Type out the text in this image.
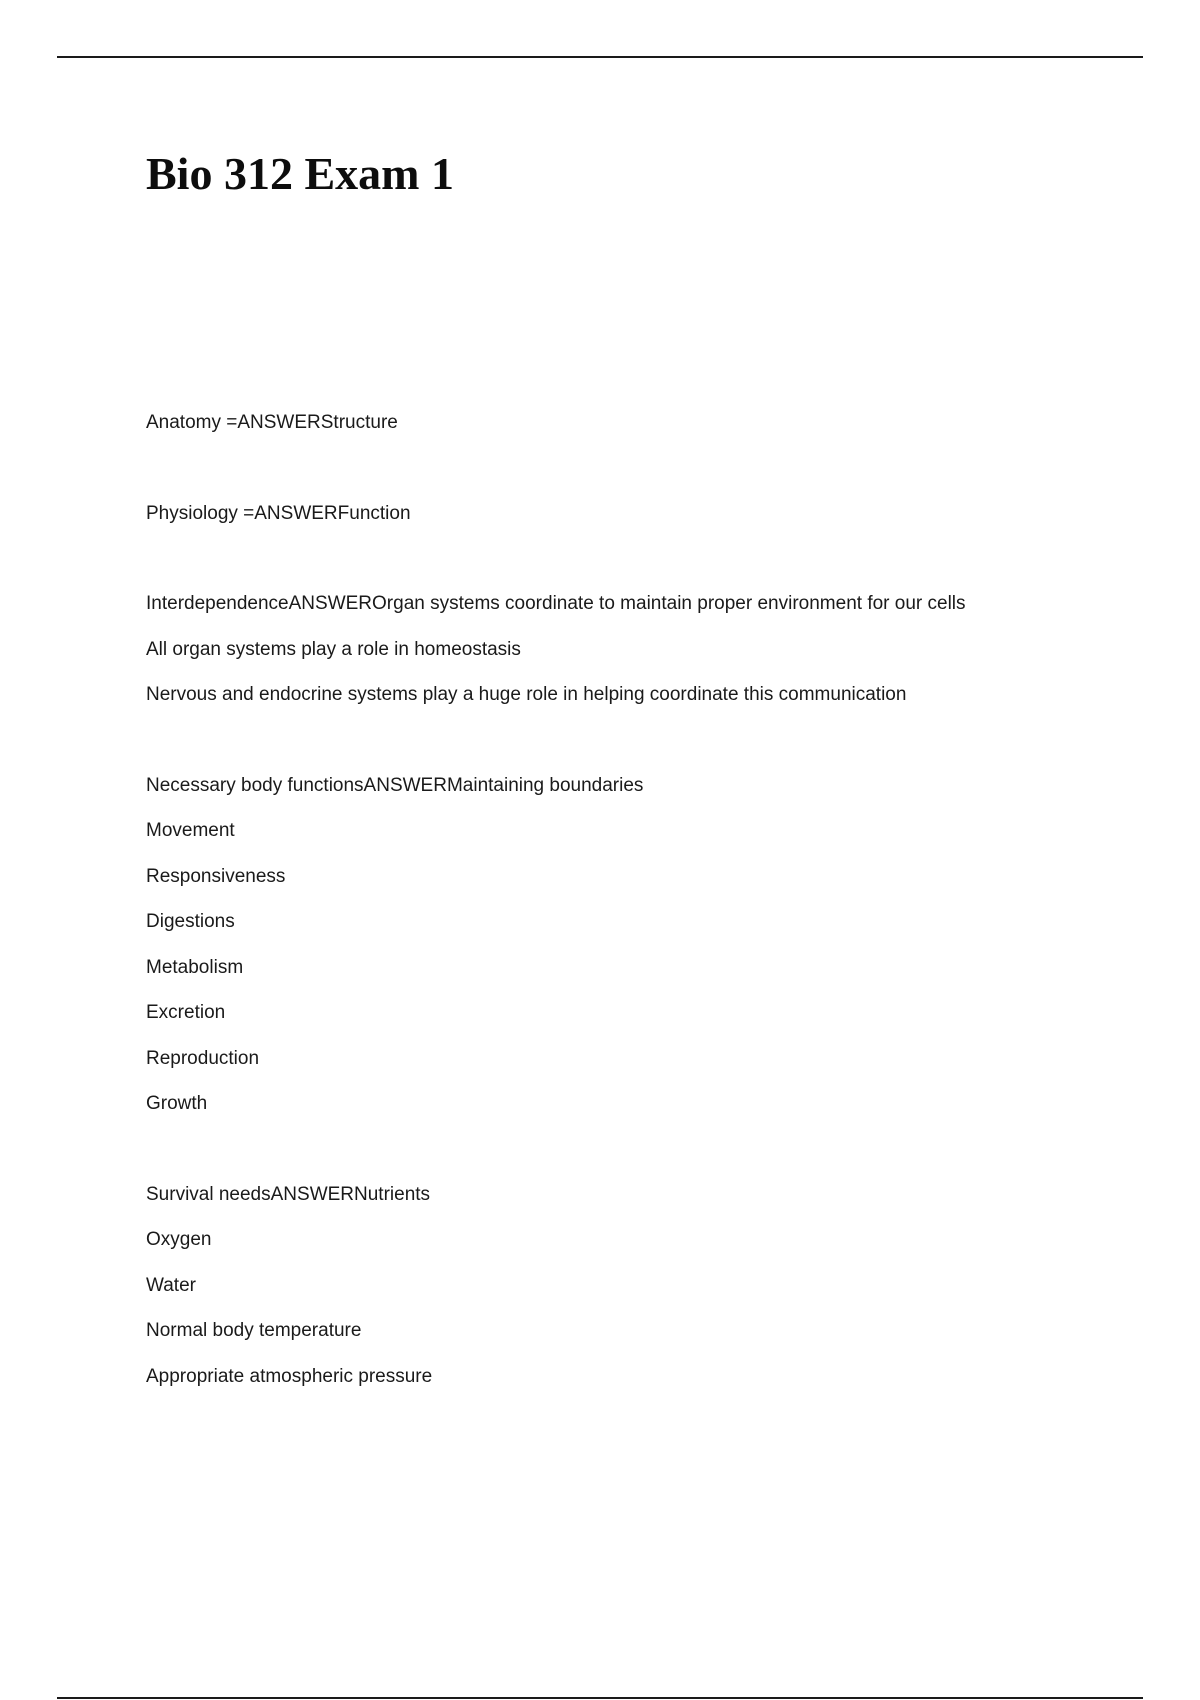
Bio 312 Exam 1
Anatomy =ANSWERStructure
Physiology =ANSWERFunction
InterdependenceANSWEROrgan systems coordinate to maintain proper environment for our cells
All organ systems play a role in homeostasis
Nervous and endocrine systems play a huge role in helping coordinate this communication
Necessary body functionsANSWERMaintaining boundaries
Movement
Responsiveness
Digestions
Metabolism
Excretion
Reproduction
Growth
Survival needsANSWERNutrients
Oxygen
Water
Normal body temperature
Appropriate atmospheric pressure
